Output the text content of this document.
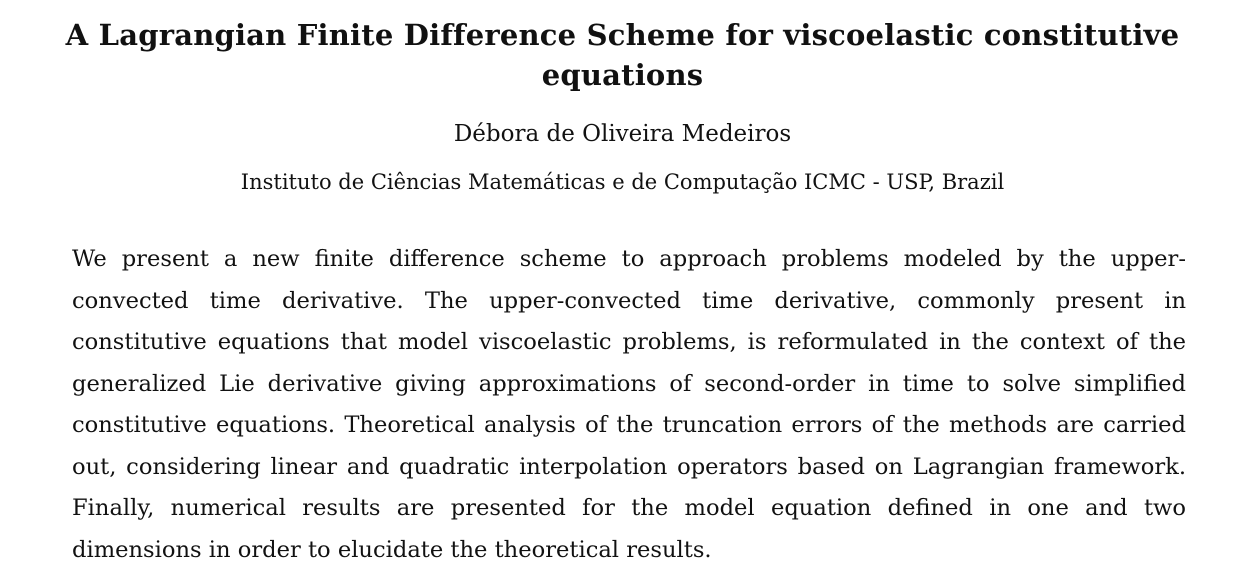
A Lagrangian Finite Difference Scheme for viscoelastic constitutive equations

Débora de Oliveira Medeiros

Instituto de Ciências Matemáticas e de Computação ICMC - USP, Brazil

We present a new finite difference scheme to approach problems modeled by the upper-convected time derivative. The upper-convected time derivative, commonly present in constitutive equations that model viscoelastic problems, is reformulated in the context of the generalized Lie derivative giving approximations of second-order in time to solve simplified constitutive equations. Theoretical analysis of the truncation errors of the methods are carried out, considering linear and quadratic interpolation operators based on Lagrangian framework. Finally, numerical results are presented for the model equation defined in one and two dimensions in order to elucidate the theoretical results.
